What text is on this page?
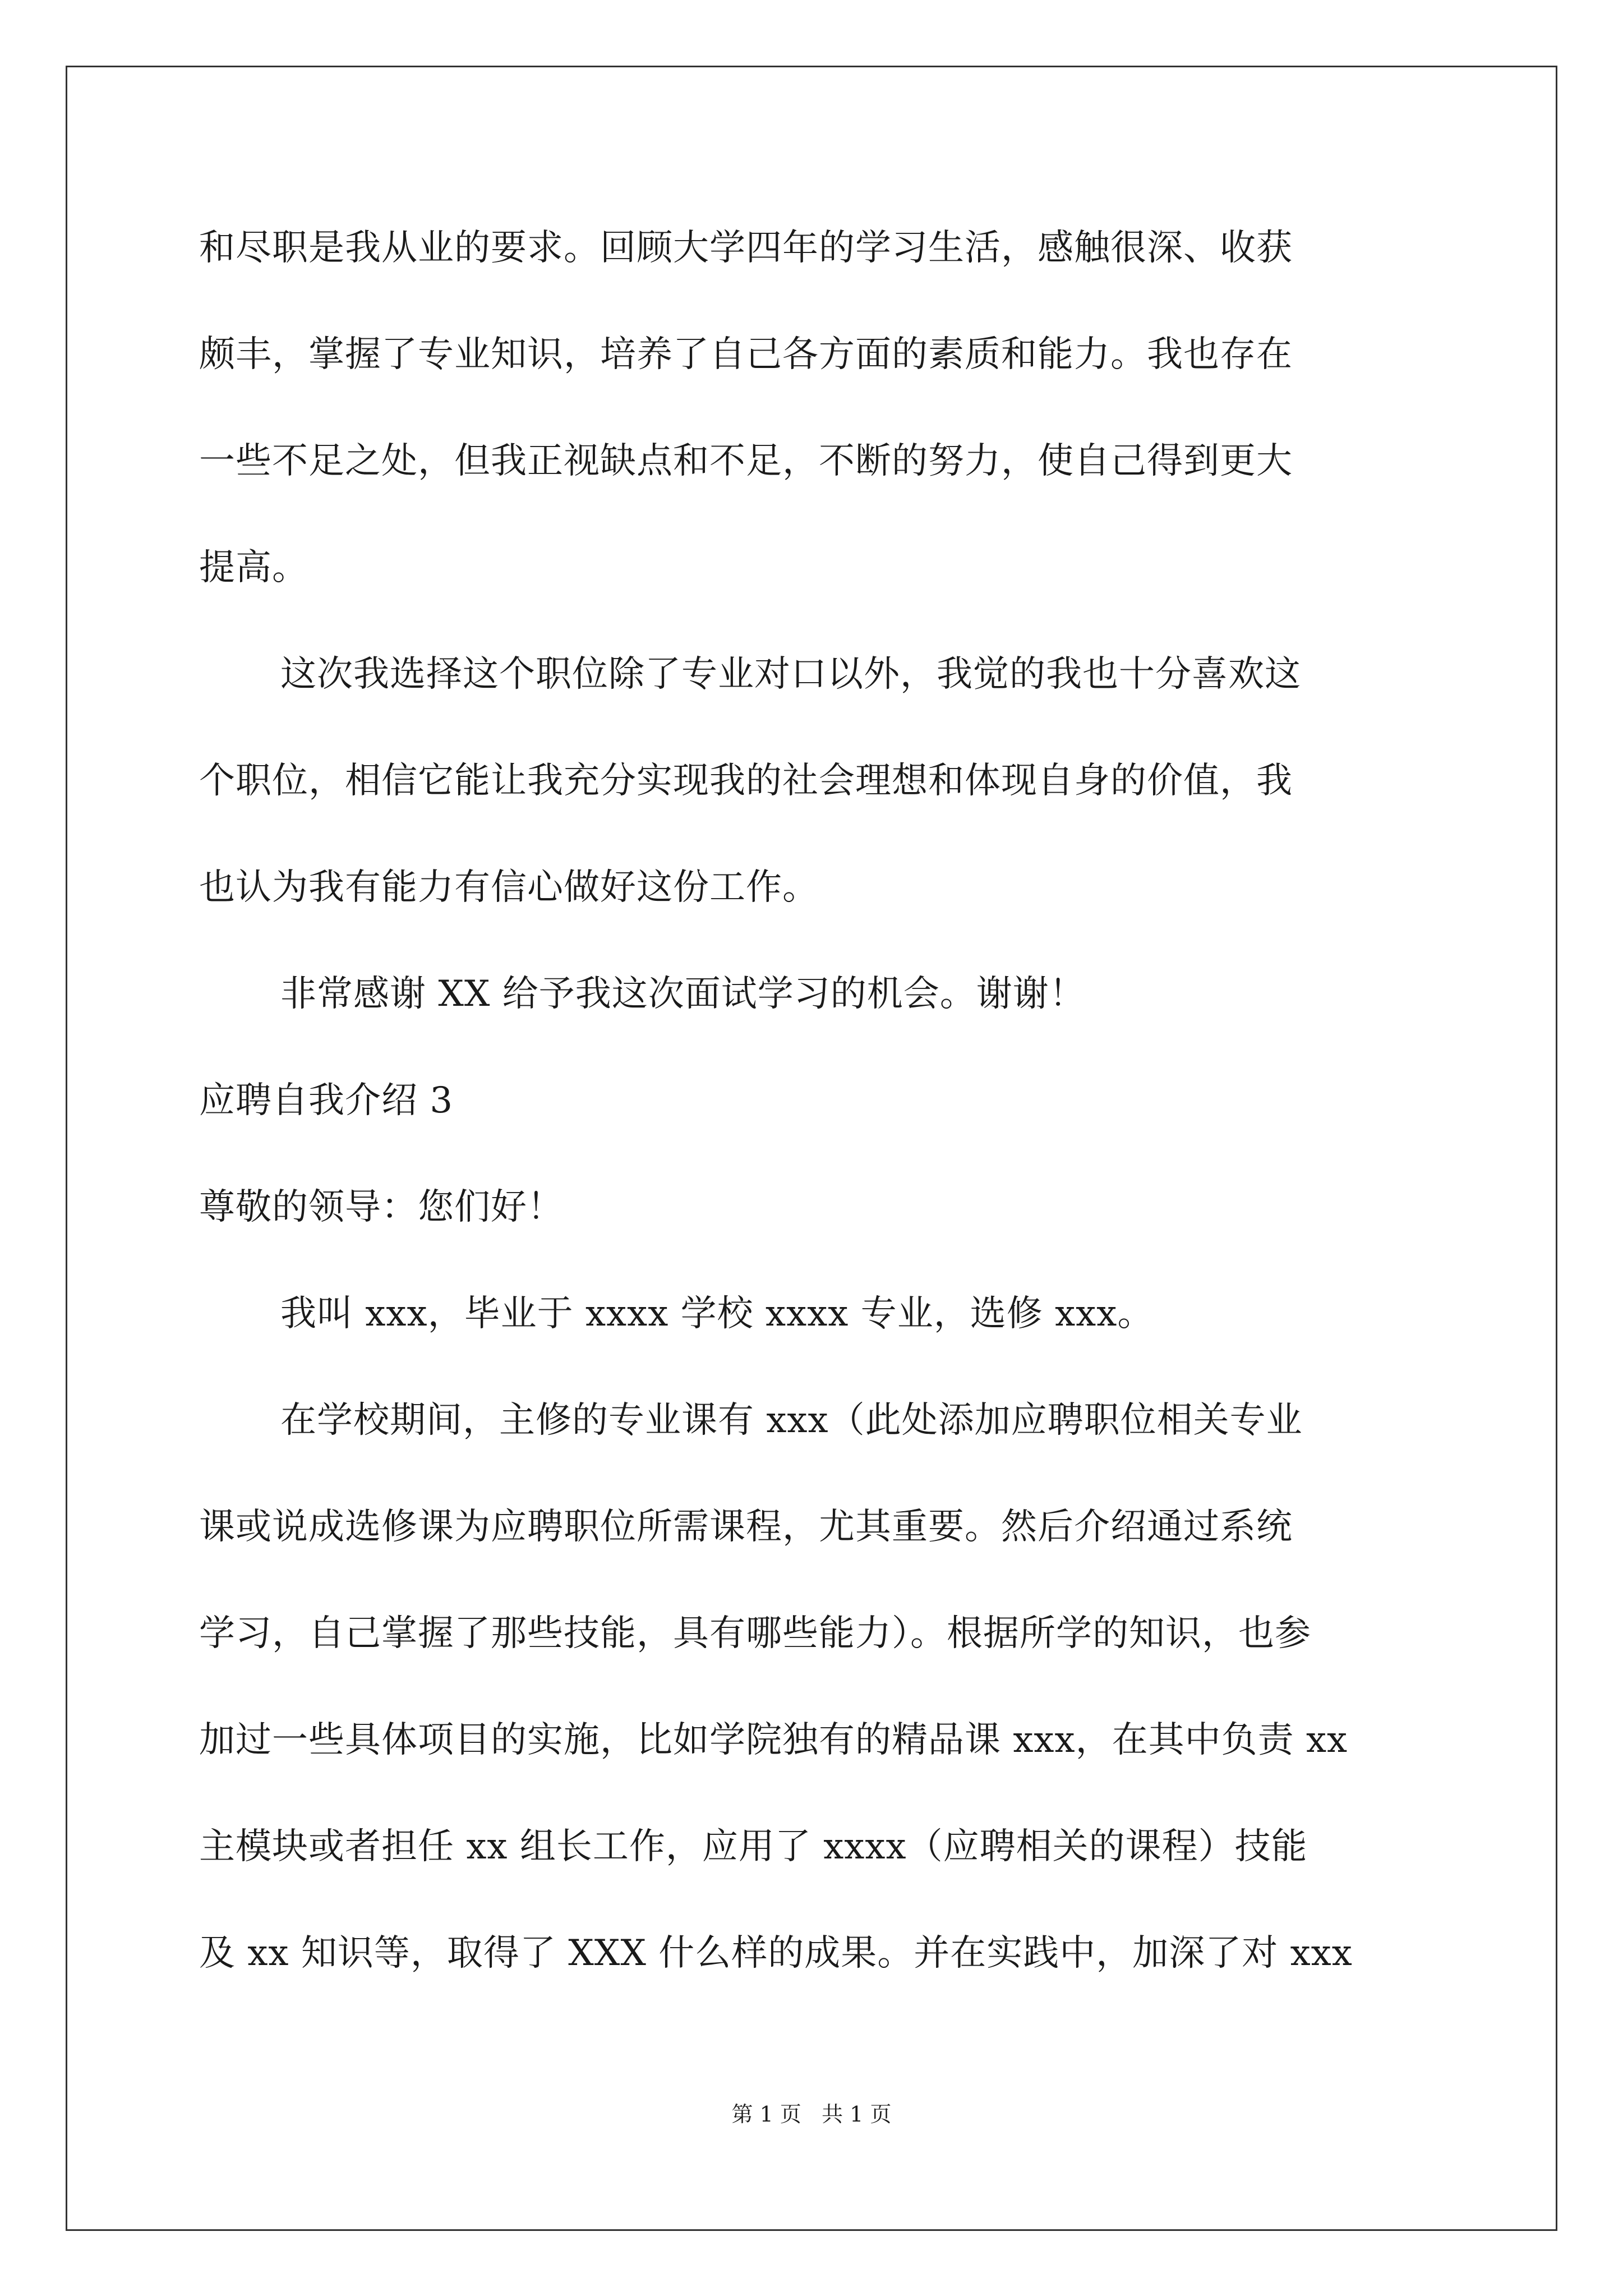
和尽职是我从业的要求。回顾大学四年的学习生活，感触很深、收获
颇丰，掌握了专业知识，培养了自己各方面的素质和能力。我也存在
一些不足之处，但我正视缺点和不足，不断的努力，使自己得到更大
提高。
这次我选择这个职位除了专业对口以外，我觉的我也十分喜欢这
个职位，相信它能让我充分实现我的社会理想和体现自身的价值，我
也认为我有能力有信心做好这份工作。
非常感谢 XX 给予我这次面试学习的机会。谢谢！
应聘自我介绍 3
尊敬的领导：您们好！
我叫 xxx，毕业于 xxxx 学校 xxxx 专业，选修 xxx。
在学校期间，主修的专业课有 xxx（此处添加应聘职位相关专业
课或说成选修课为应聘职位所需课程，尤其重要。然后介绍通过系统
学习，自己掌握了那些技能，具有哪些能力）。根据所学的知识，也参
加过一些具体项目的实施，比如学院独有的精品课 xxx，在其中负责 xx
主模块或者担任 xx 组长工作，应用了 xxxx（应聘相关的课程）技能
及 xx 知识等，取得了 XXX 什么样的成果。并在实践中，加深了对 xxx
第 1 页   共 1 页
